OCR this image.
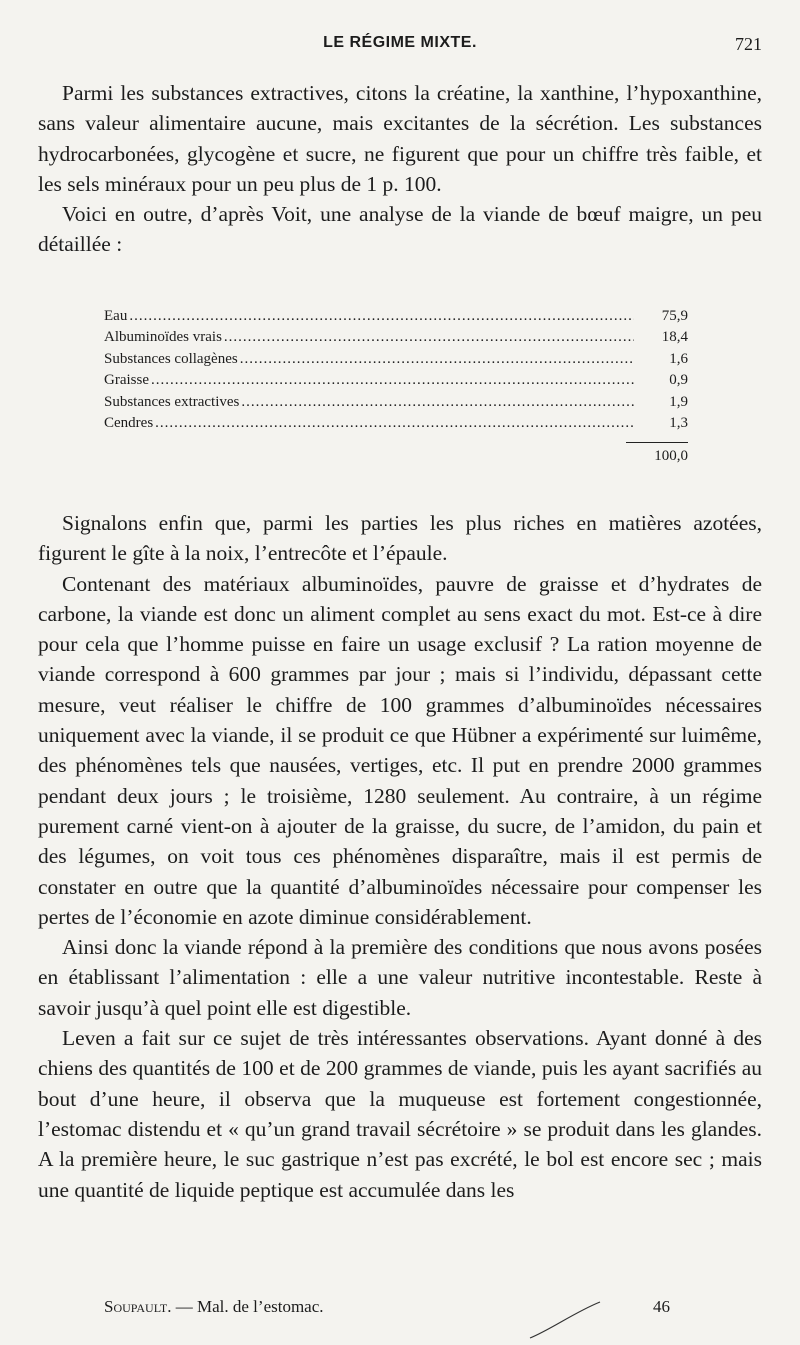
LE RÉGIME MIXTE.	721

Parmi les substances extractives, citons la créatine, la xanthine, l’hypoxanthine, sans valeur alimentaire aucune, mais excitantes de la sécrétion. Les substances hydrocarbonées, glycogène et sucre, ne figurent que pour un chiffre très faible, et les sels minéraux pour un peu plus de 1 p. 100.

Voici en outre, d’après Voit, une analyse de la viande de bœuf maigre, un peu détaillée :

Eau .....	75,9
Albuminoïdes vrais .....	18,4
Substances collagènes .....	1,6
Graisse .....	0,9
Substances extractives .....	1,9
Cendres .....	1,3
100,0

Signalons enfin que, parmi les parties les plus riches en matières azotées, figurent le gîte à la noix, l’entrecôte et l’épaule.

Contenant des matériaux albuminoïdes, pauvre de graisse et d’hydrates de carbone, la viande est donc un aliment complet au sens exact du mot. Est-ce à dire pour cela que l’homme puisse en faire un usage exclusif ? La ration moyenne de viande correspond à 600 grammes par jour ; mais si l’individu, dépassant cette mesure, veut réaliser le chiffre de 100 grammes d’albuminoïdes nécessaires uniquement avec la viande, il se produit ce que Hübner a expérimenté sur luimême, des phénomènes tels que nausées, vertiges, etc. Il put en prendre 2000 grammes pendant deux jours ; le troisième, 1280 seulement. Au contraire, à un régime purement carné vient-on à ajouter de la graisse, du sucre, de l’amidon, du pain et des légumes, on voit tous ces phénomènes disparaître, mais il est permis de constater en outre que la quantité d’albuminoïdes nécessaire pour compenser les pertes de l’économie en azote diminue considérablement.

Ainsi donc la viande répond à la première des conditions que nous avons posées en établissant l’alimentation : elle a une valeur nutritive incontestable. Reste à savoir jusqu’à quel point elle est digestible.

Leven a fait sur ce sujet de très intéressantes observations. Ayant donné à des chiens des quantités de 100 et de 200 grammes de viande, puis les ayant sacrifiés au bout d’une heure, il observa que la muqueuse est fortement congestionnée, l’estomac distendu et « qu’un grand travail sécrétoire » se produit dans les glandes. A la première heure, le suc gastrique n’est pas excrété, le bol est encore sec ; mais une quantité de liquide peptique est accumulée dans les

Soupault. — Mal. de l’estomac.	46
